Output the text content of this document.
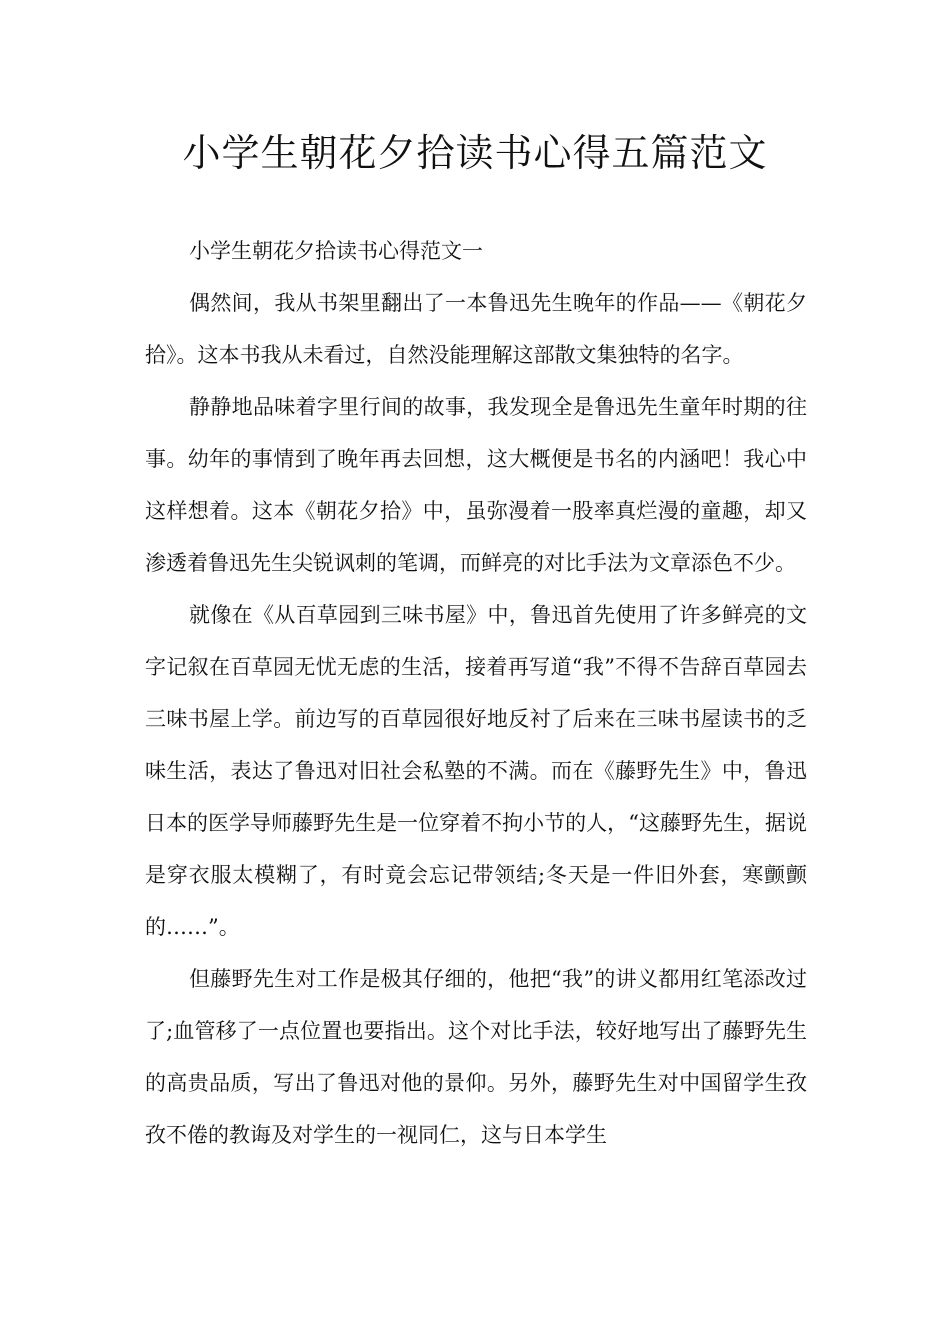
小学生朝花夕拾读书心得五篇范文

小学生朝花夕拾读书心得范文一

偶然间，我从书架里翻出了一本鲁迅先生晚年的作品——《朝花夕拾》。这本书我从未看过，自然没能理解这部散文集独特的名字。

静静地品味着字里行间的故事，我发现全是鲁迅先生童年时期的往事。幼年的事情到了晚年再去回想，这大概便是书名的内涵吧！我心中这样想着。这本《朝花夕拾》中，虽弥漫着一股率真烂漫的童趣，却又渗透着鲁迅先生尖锐讽刺的笔调，而鲜亮的对比手法为文章添色不少。

就像在《从百草园到三味书屋》中，鲁迅首先使用了许多鲜亮的文字记叙在百草园无忧无虑的生活，接着再写道“我”不得不告辞百草园去三味书屋上学。前边写的百草园很好地反衬了后来在三味书屋读书的乏味生活，表达了鲁迅对旧社会私塾的不满。而在《藤野先生》中，鲁迅日本的医学导师藤野先生是一位穿着不拘小节的人，“这藤野先生，据说是穿衣服太模糊了，有时竟会忘记带领结;冬天是一件旧外套，寒颤颤的……”。

但藤野先生对工作是极其仔细的，他把“我”的讲义都用红笔添改过了;血管移了一点位置也要指出。这个对比手法，较好地写出了藤野先生的高贵品质，写出了鲁迅对他的景仰。另外，藤野先生对中国留学生孜孜不倦的教诲及对学生的一视同仁，这与日本学生
